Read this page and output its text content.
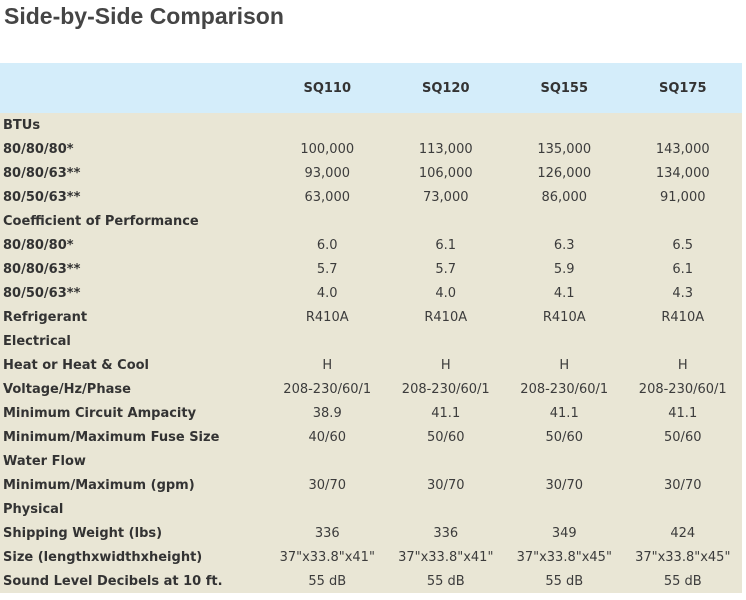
Side-by-Side Comparison
	SQ110	SQ120	SQ155	SQ175
BTUs				
80/80/80*	100,000	113,000	135,000	143,000
80/80/63**	93,000	106,000	126,000	134,000
80/50/63**	63,000	73,000	86,000	91,000
Coefficient of Performance				
80/80/80*	6.0	6.1	6.3	6.5
80/80/63**	5.7	5.7	5.9	6.1
80/50/63**	4.0	4.0	4.1	4.3
Refrigerant	R410A	R410A	R410A	R410A
Electrical				
Heat or Heat & Cool	H	H	H	H
Voltage/Hz/Phase	208-230/60/1	208-230/60/1	208-230/60/1	208-230/60/1
Minimum Circuit Ampacity	38.9	41.1	41.1	41.1
Minimum/Maximum Fuse Size	40/60	50/60	50/60	50/60
Water Flow				
Minimum/Maximum (gpm)	30/70	30/70	30/70	30/70
Physical				
Shipping Weight (lbs)	336	336	349	424
Size (lengthxwidthxheight)	37"x33.8"x41"	37"x33.8"x41"	37"x33.8"x45"	37"x33.8"x45"
Sound Level Decibels at 10 ft.	55 dB	55 dB	55 dB	55 dB
